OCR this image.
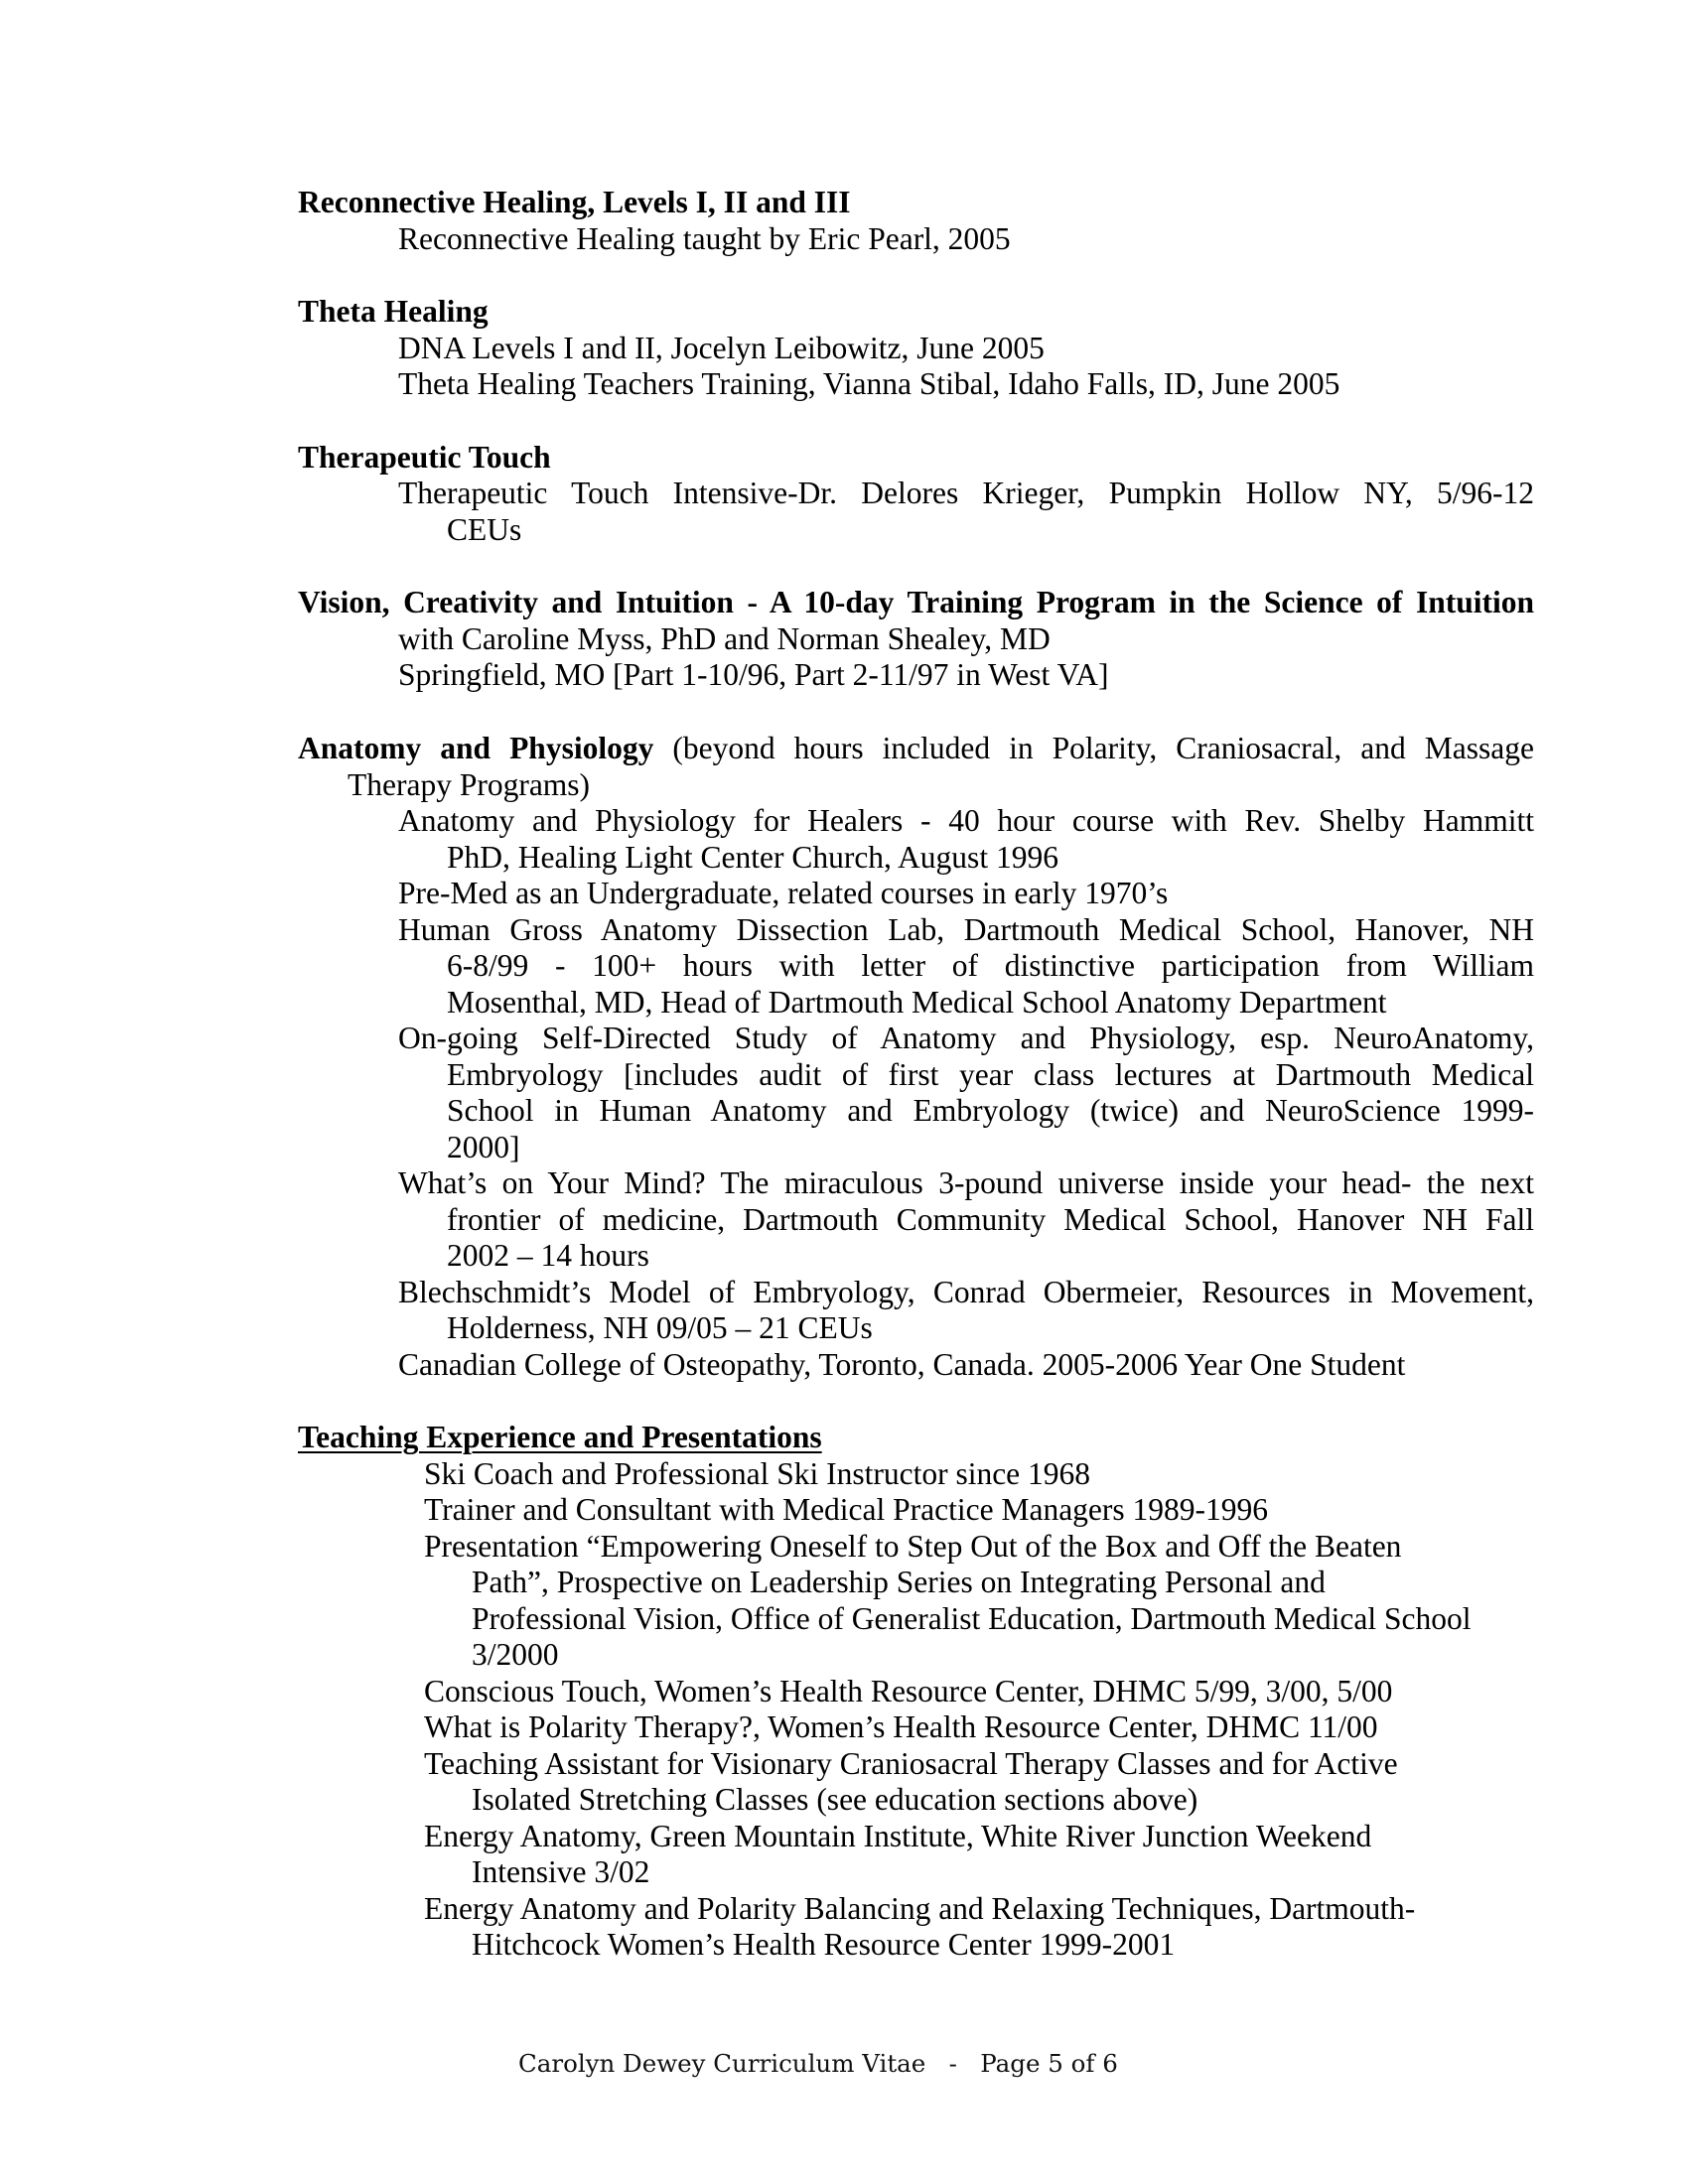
Reconnective Healing, Levels I, II and III
Reconnective Healing taught by Eric Pearl, 2005
Theta Healing
DNA Levels I and II, Jocelyn Leibowitz, June 2005
Theta Healing Teachers Training, Vianna Stibal, Idaho Falls, ID, June 2005
Therapeutic Touch
Therapeutic Touch Intensive-Dr. Delores Krieger, Pumpkin Hollow NY, 5/96-12
CEUs
Vision, Creativity and Intuition - A 10-day Training Program in the Science of Intuition
with Caroline Myss, PhD and Norman Shealey, MD
Springfield, MO [Part 1-10/96, Part 2-11/97 in West VA]
Anatomy and Physiology (beyond hours included in Polarity, Craniosacral, and Massage
Therapy Programs)
Anatomy and Physiology for Healers - 40 hour course with Rev. Shelby Hammitt
PhD, Healing Light Center Church, August 1996
Pre-Med as an Undergraduate, related courses in early 1970’s
Human Gross Anatomy Dissection Lab, Dartmouth Medical School, Hanover, NH
6-8/99 - 100+ hours with letter of distinctive participation from William
Mosenthal, MD, Head of Dartmouth Medical School Anatomy Department
On-going Self-Directed Study of Anatomy and Physiology, esp. NeuroAnatomy,
Embryology [includes audit of first year class lectures at Dartmouth Medical
School in Human Anatomy and Embryology (twice) and NeuroScience 1999-
2000]
What’s on Your Mind? The miraculous 3-pound universe inside your head- the next
frontier of medicine, Dartmouth Community Medical School, Hanover NH Fall
2002 – 14 hours
Blechschmidt’s Model of Embryology, Conrad Obermeier, Resources in Movement,
Holderness, NH 09/05 – 21 CEUs
Canadian College of Osteopathy, Toronto, Canada. 2005-2006 Year One Student
Teaching Experience and Presentations
Ski Coach and Professional Ski Instructor since 1968
Trainer and Consultant with Medical Practice Managers 1989-1996
Presentation “Empowering Oneself to Step Out of the Box and Off the Beaten
Path”, Prospective on Leadership Series on Integrating Personal and
Professional Vision, Office of Generalist Education, Dartmouth Medical School
3/2000
Conscious Touch, Women’s Health Resource Center, DHMC 5/99, 3/00, 5/00
What is Polarity Therapy?, Women’s Health Resource Center, DHMC 11/00
Teaching Assistant for Visionary Craniosacral Therapy Classes and for Active
Isolated Stretching Classes (see education sections above)
Energy Anatomy, Green Mountain Institute, White River Junction Weekend
Intensive 3/02
Energy Anatomy and Polarity Balancing and Relaxing Techniques, Dartmouth-
Hitchcock Women’s Health Resource Center 1999-2001
Carolyn Dewey Curriculum Vitae   -   Page 5 of 6
